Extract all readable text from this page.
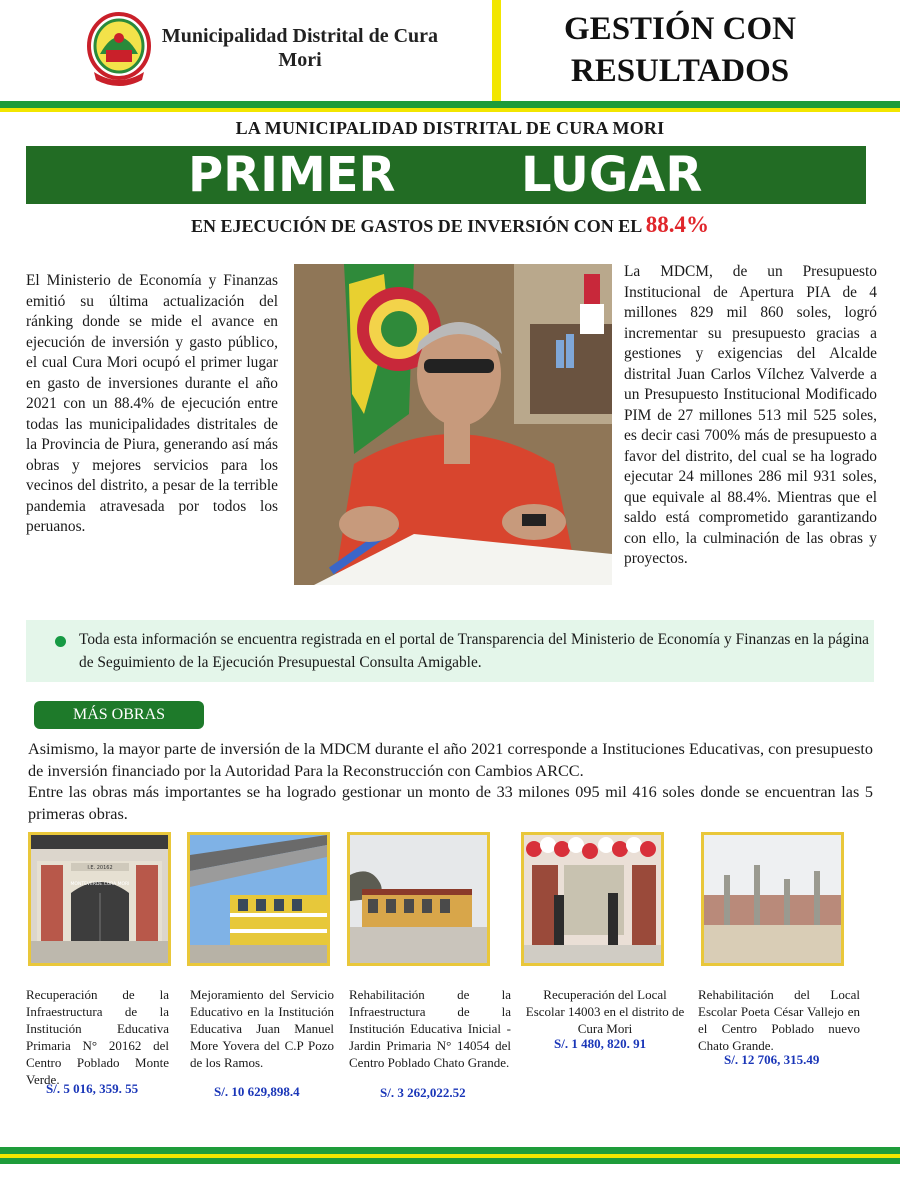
Municipalidad Distrital de Cura Mori
GESTIÓN CON RESULTADOS
LA MUNICIPALIDAD DISTRITAL DE CURA MORI
PRIMER	LUGAR
EN EJECUCIÓN DE GASTOS DE INVERSIÓN CON EL 88.4%
El Ministerio de Economía y Finanzas emitió su última actualización del ránking donde se mide el avance en ejecución de inversión y gasto público, el cual Cura Mori ocupó el primer lugar en gasto de inversiones durante el año 2021 con un 88.4% de ejecución entre todas las municipalidades distritales de la Provincia de Piura, generando así más obras y mejores servicios para los vecinos del distrito, a pesar de la terrible pandemia atravesada por todos los peruanos.
La MDCM, de un Presupuesto Institucional de Apertura PIA de 4 millones 829 mil 860 soles, logró incrementar su presupuesto gracias a gestiones y exigencias del Alcalde distrital Juan Carlos Vílchez Valverde a un Presupuesto Institucional Modificado PIM de 27 millones 513 mil 525 soles, es decir casi 700% más de presupuesto a favor del distrito, del cual se ha logrado ejecutar 24 millones 286 mil 931 soles, que equivale al 88.4%. Mientras que el saldo está comprometido garantizando con ello, la culminación de las obras y proyectos.
Toda esta información se encuentra registrada en el portal de Transparencia del Ministerio de Economía y Finanzas en la página de Seguimiento de la Ejecución Presupuestal Consulta Amigable.
MÁS OBRAS
Asimismo, la mayor parte de inversión de la MDCM durante el año 2021 corresponde a Instituciones Educativas, con presupuesto de inversión financiado por la Autoridad Para la Reconstrucción con Cambios ARCC.
Entre las obras más importantes se ha logrado gestionar un monto de 33 milones 095 mil 416 soles donde se encuentran las 5 primeras obras.
I.E. 20162
MONTEVERDE.CURA MORI
Recuperación de la Infraestructura de la Institución Educativa Primaria N° 20162 del Centro Poblado Monte Verde.
S/. 5 016, 359. 55
Mejoramiento del Servicio Educativo en la Institución Educativa Juan Manuel More Yovera del C.P Pozo de los Ramos.
S/. 10 629,898.4
Rehabilitación de la Infraestructura de la Institución Educativa Inicial - Jardin Primaria N° 14054 del Centro Poblado Chato Grande.
S/. 3 262,022.52
Recuperación del Local Escolar 14003 en el distrito de Cura Mori
S/. 1 480, 820. 91
Rehabilitación del Local Escolar Poeta César Vallejo en el Centro Poblado nuevo Chato Grande.
S/. 12 706, 315.49
